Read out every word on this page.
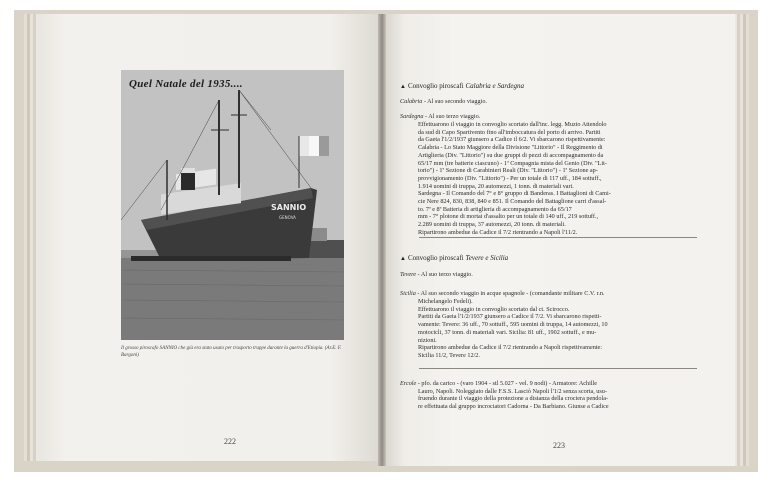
SANNIO
GENOVA
Quel Natale del 1935....
Il grosso piroscafo SANNIO che già era stato usato per trasporto truppe durante la guerra d'Etiopia. (Ar.E. F. Bargoni)
222
▲ Convoglio piroscafi Calabria e Sardegna
Calabria - Al suo secondo viaggio.
Sardegna - Al suo terzo viaggio.

Effettuarono il viaggio in convoglio scortato dall'inc. legg. Muzio Attendolo

da sud di Capo Spartivento fino all'imboccatura del porto di arrivo. Partiti

da Gaeta l'1/2/1937 giunsero a Cadice il 6/2. Vi sbarcarono rispettivamente:

Calabria - Lo Stato Maggiore della Divisione "Littorio" - Il Reggimento di

Artiglieria (Div. "Littorio") su due gruppi di pezzi di accompagnamento da

65/17 mm (tre batterie ciascuno) - 1ª Compagnia mista del Genio (Div. "Lit-

torio") - 1ª Sezione di Carabinieri Reali (Div. "Littorio") - 1ª Sezione ap-

provvigionamento (Div. "Littorio") - Per un totale di 117 uff., 184 sottuff.,

1.914 uomini di truppa, 20 automezzi, 1 tonn. di materiali vari.

Sardegna - Il Comando del 7° e 8° gruppo di Banderas. I Battaglioni di Cami-

cie Nere 824, 830, 838, 840 e 851. Il Comando del Battaglione carri d'assal-

to. 7ª e 8ª Batteria di artiglieria di accompagnamento da 65/17

mm - 7° plotone di mortai d'assalto per un totale di 140 uff., 219 sottuff.,

2.289 uomini di truppa, 37 automezzi, 20 tonn. di materiali.

Ripartirono ambedue da Cadice il 7/2 rientrando a Napoli l'11/2.

▲ Convoglio piroscafi Tevere e Sicilia
Tevere - Al suo terzo viaggio.
Sicilia - Al suo secondo viaggio in acque spagnole - (comandante militare C.V. r.n.

Michelangelo Fedeli).

Effettuarono il viaggio in convoglio scortato dal ct. Scirocco.

Partiti da Gaeta l'1/2/1937 giunsero a Cadice il 7/2. Vi sbarcarono rispetti-

vamente: Tevere: 36 uff., 70 sottuff., 595 uomini di truppa, 14 automezzi, 10

motocicli, 37 tonn. di materiali vari. Sicilia: 81 uff., 1902 sottuff., e mu-

nizioni.

Ripartirono ambedue da Cadice il 7/2 rientrando a Napoli rispettivamente:

Sicilia 11/2, Tevere 12/2.

Ercole - pfo. da carico - (varo 1904 - stl 5.027 - vel. 9 nodi) - Armatore: Achille

Lauro, Napoli. Noleggiato dalle F.S.S. Lasciò Napoli l'1/2 senza scorta, usu-

fruendo durante il viaggio della protezione a distanza della crociera pendola-

re effettuata dal gruppo incrociatori Cadorna - Da Barbiano. Giunse a Cadice

223
